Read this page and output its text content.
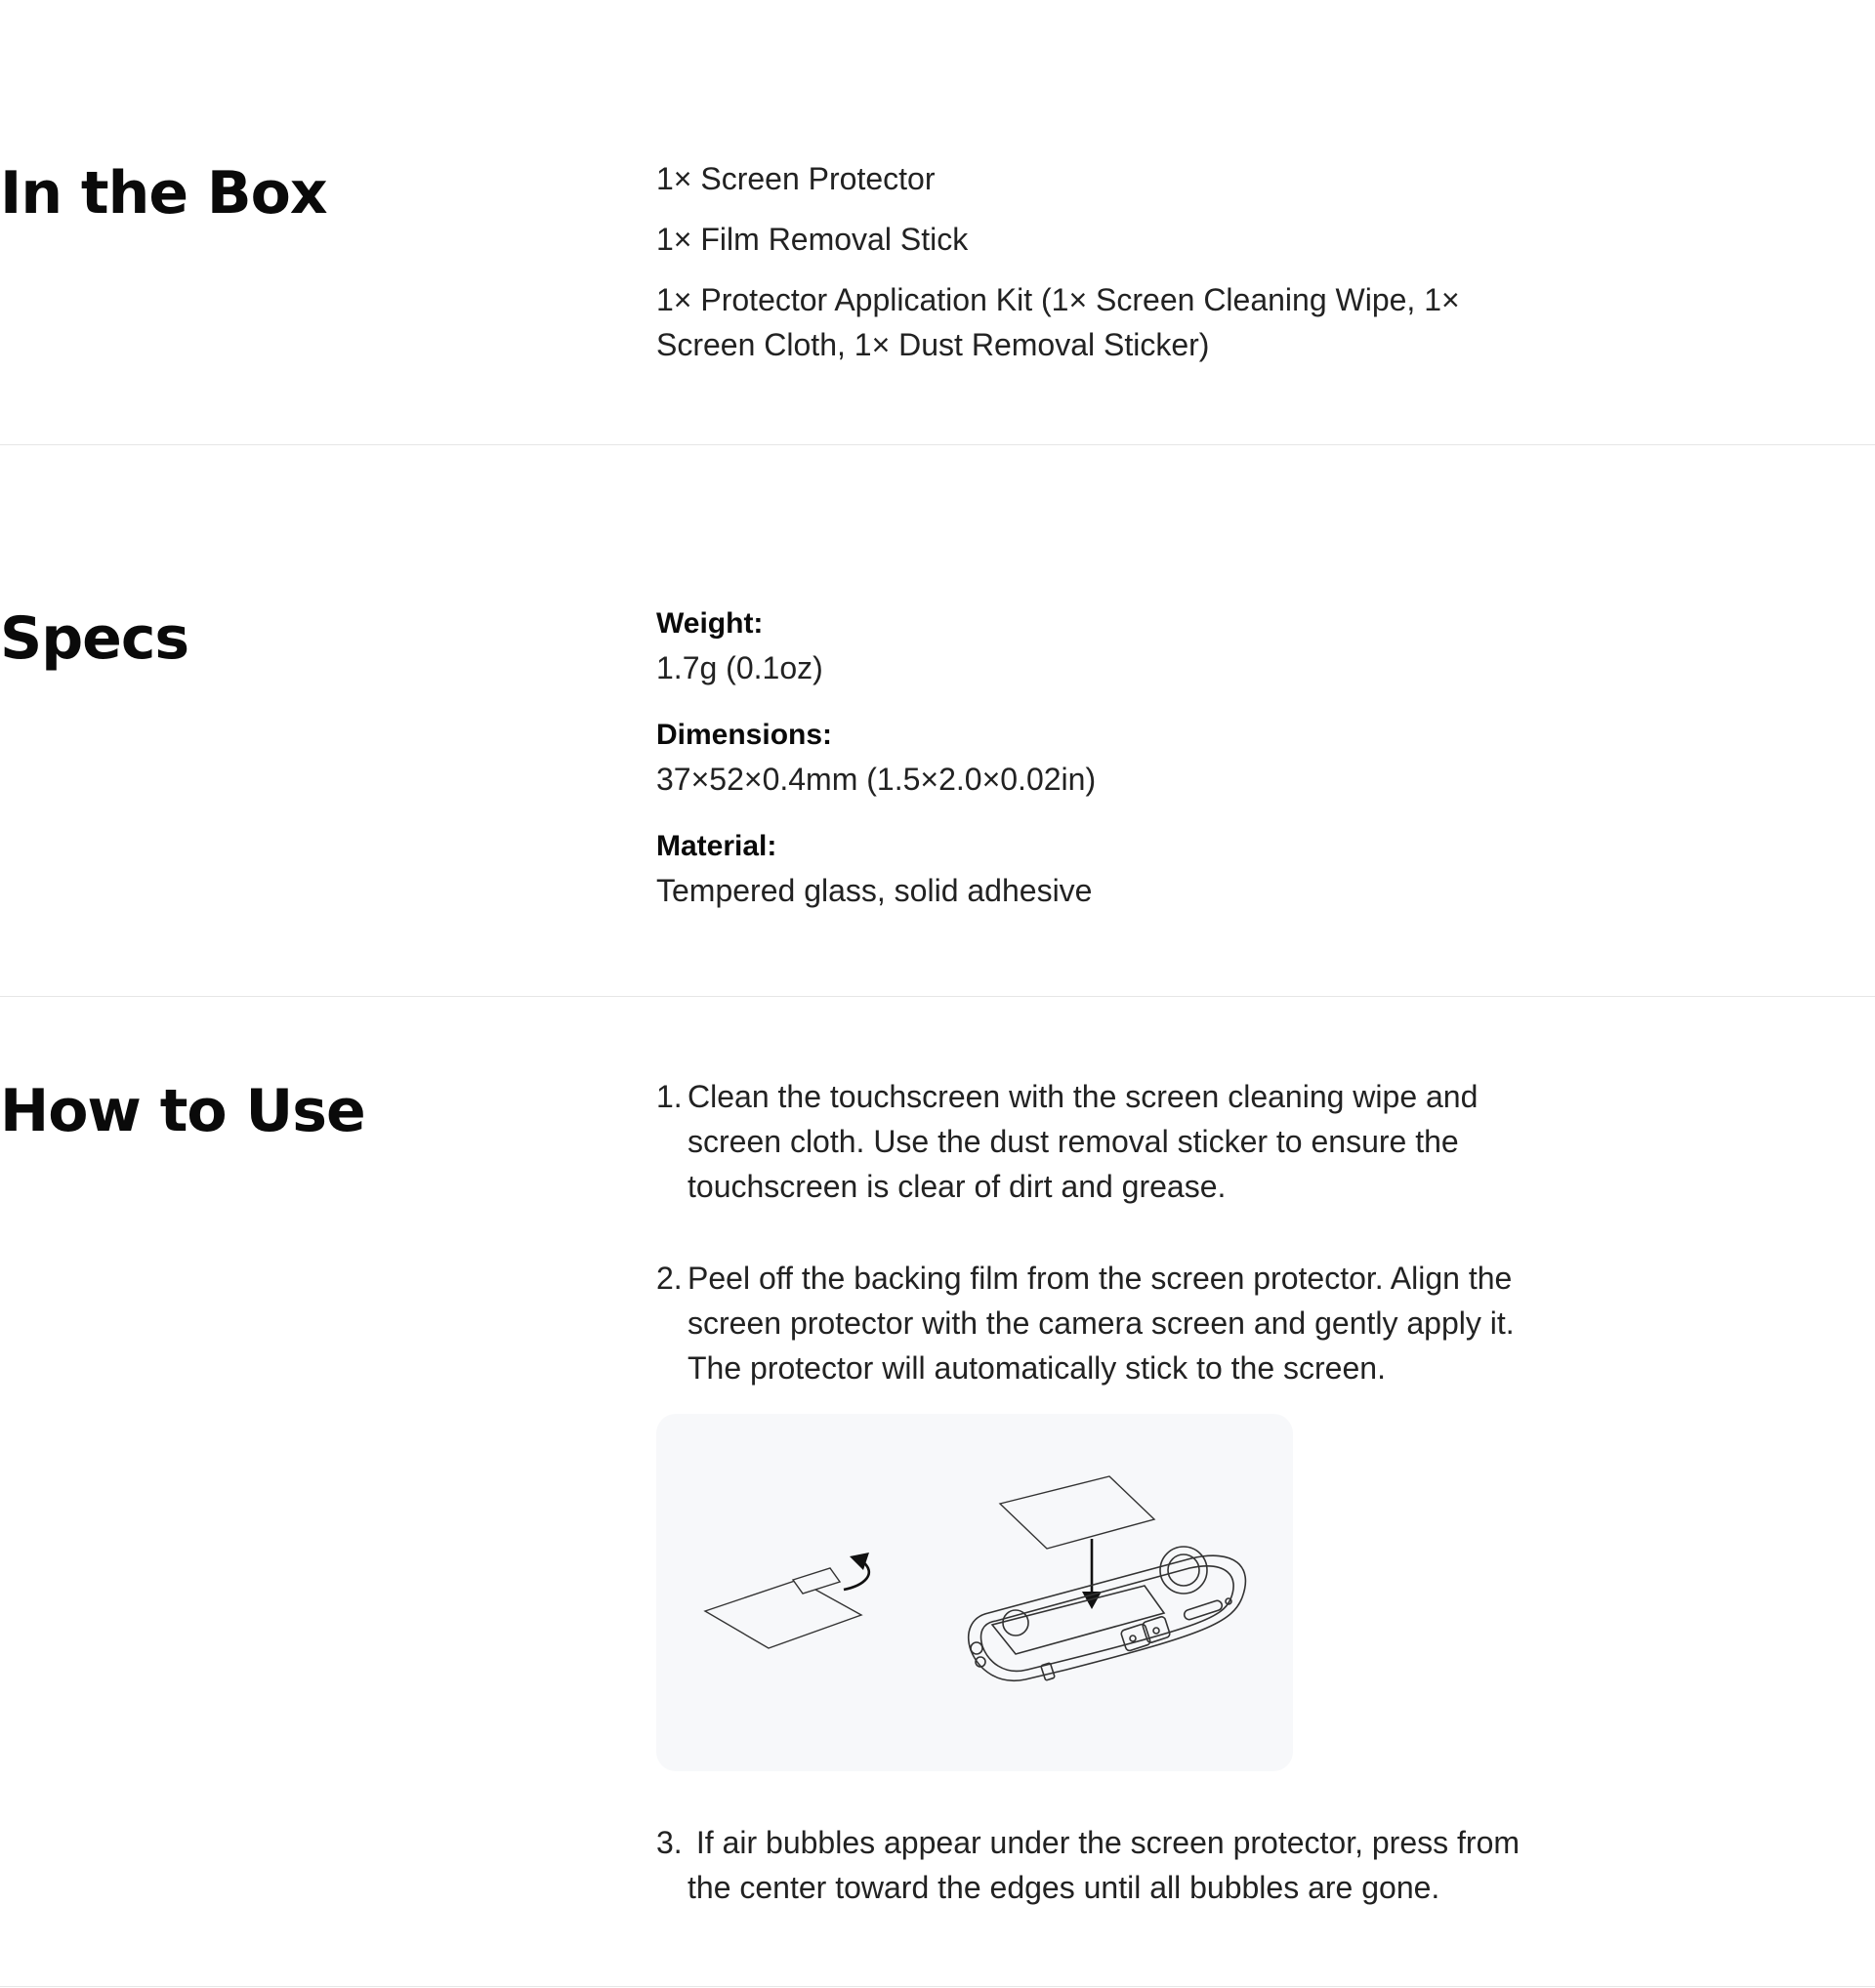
In the Box	1× Screen Protector
1× Film Removal Stick
1× Protector Application Kit (1× Screen Cleaning Wipe, 1× Screen Cloth, 1× Dust Removal Sticker)
Specs	Weight:
1.7g (0.1oz)
Dimensions:
37×52×0.4mm (1.5×2.0×0.02in)
Material:
Tempered glass, solid adhesive
How to Use	1. Clean the touchscreen with the screen cleaning wipe and screen cloth. Use the dust removal sticker to ensure the touchscreen is clear of dirt and grease.
2. Peel off the backing film from the screen protector. Align the screen protector with the camera screen and gently apply it. The protector will automatically stick to the screen.
3. If air bubbles appear under the screen protector, press from the center toward the edges until all bubbles are gone.
